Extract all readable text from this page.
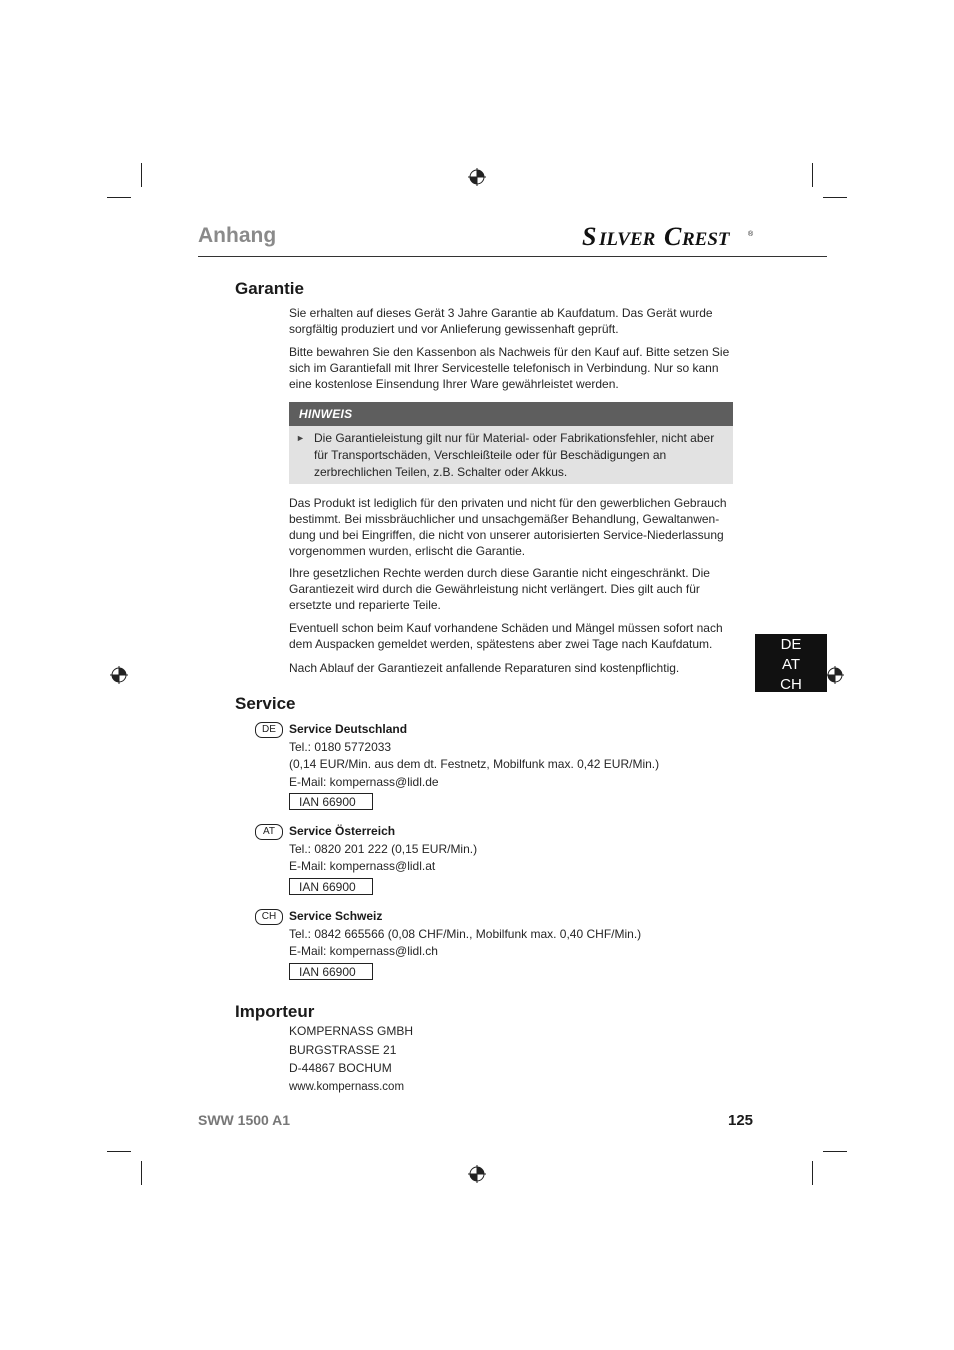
Anhang	S ILVER C REST	®
Garantie

Sie erhalten auf dieses Gerät 3 Jahre Garantie ab Kaufdatum. Das Gerät wurde sorgfältig produziert und vor Anlieferung gewissenhaft geprüft.

Bitte bewahren Sie den Kassenbon als Nachweis für den Kauf auf. Bitte setzen Sie sich im Garantiefall mit Ihrer Servicestelle telefonisch in Verbindung. Nur so kann eine kostenlose Einsendung Ihrer Ware gewährleistet werden.

HINWEIS
► Die Garantieleistung gilt nur für Material- oder Fabrikationsfehler, nicht aber für Transportschäden, Verschleißteile oder für Beschädigungen an zerbrechlichen Teilen, z.B. Schalter oder Akkus.

Das Produkt ist lediglich für den privaten und nicht für den gewerblichen Gebrauch bestimmt. Bei missbräuchlicher und unsachgemäßer Behandlung, Gewaltanwen- dung und bei Eingriffen, die nicht von unserer autorisierten Service-Niederlassung vorgenommen wurden, erlischt die Garantie.

Ihre gesetzlichen Rechte werden durch diese Garantie nicht eingeschränkt. Die Garantiezeit wird durch die Gewährleistung nicht verlängert. Dies gilt auch für ersetzte und reparierte Teile.

Eventuell schon beim Kauf vorhandene Schäden und Mängel müssen sofort nach dem Auspacken gemeldet werden, spätestens aber zwei Tage nach Kaufdatum.

Nach Ablauf der Garantiezeit anfallende Reparaturen sind kostenpflichtig.

DE
AT
CH
Service
DE	Service Deutschland
Tel.: 0180 5772033
(0,14 EUR/Min. aus dem dt. Festnetz, Mobilfunk max. 0,42 EUR/Min.)
E-Mail: kompernass@lidl.de
IAN 66900
AT	Service Österreich
Tel.: 0820 201 222 (0,15 EUR/Min.)
E-Mail: kompernass@lidl.at
IAN 66900
CH	Service Schweiz
Tel.: 0842 665566 (0,08 CHF/Min., Mobilfunk max. 0,40 CHF/Min.)
E-Mail: kompernass@lidl.ch
IAN 66900
Importeur
KOMPERNASS GMBH
BURGSTRASSE 21
D-44867 BOCHUM
www.kompernass.com
SWW 1500 A1	125
